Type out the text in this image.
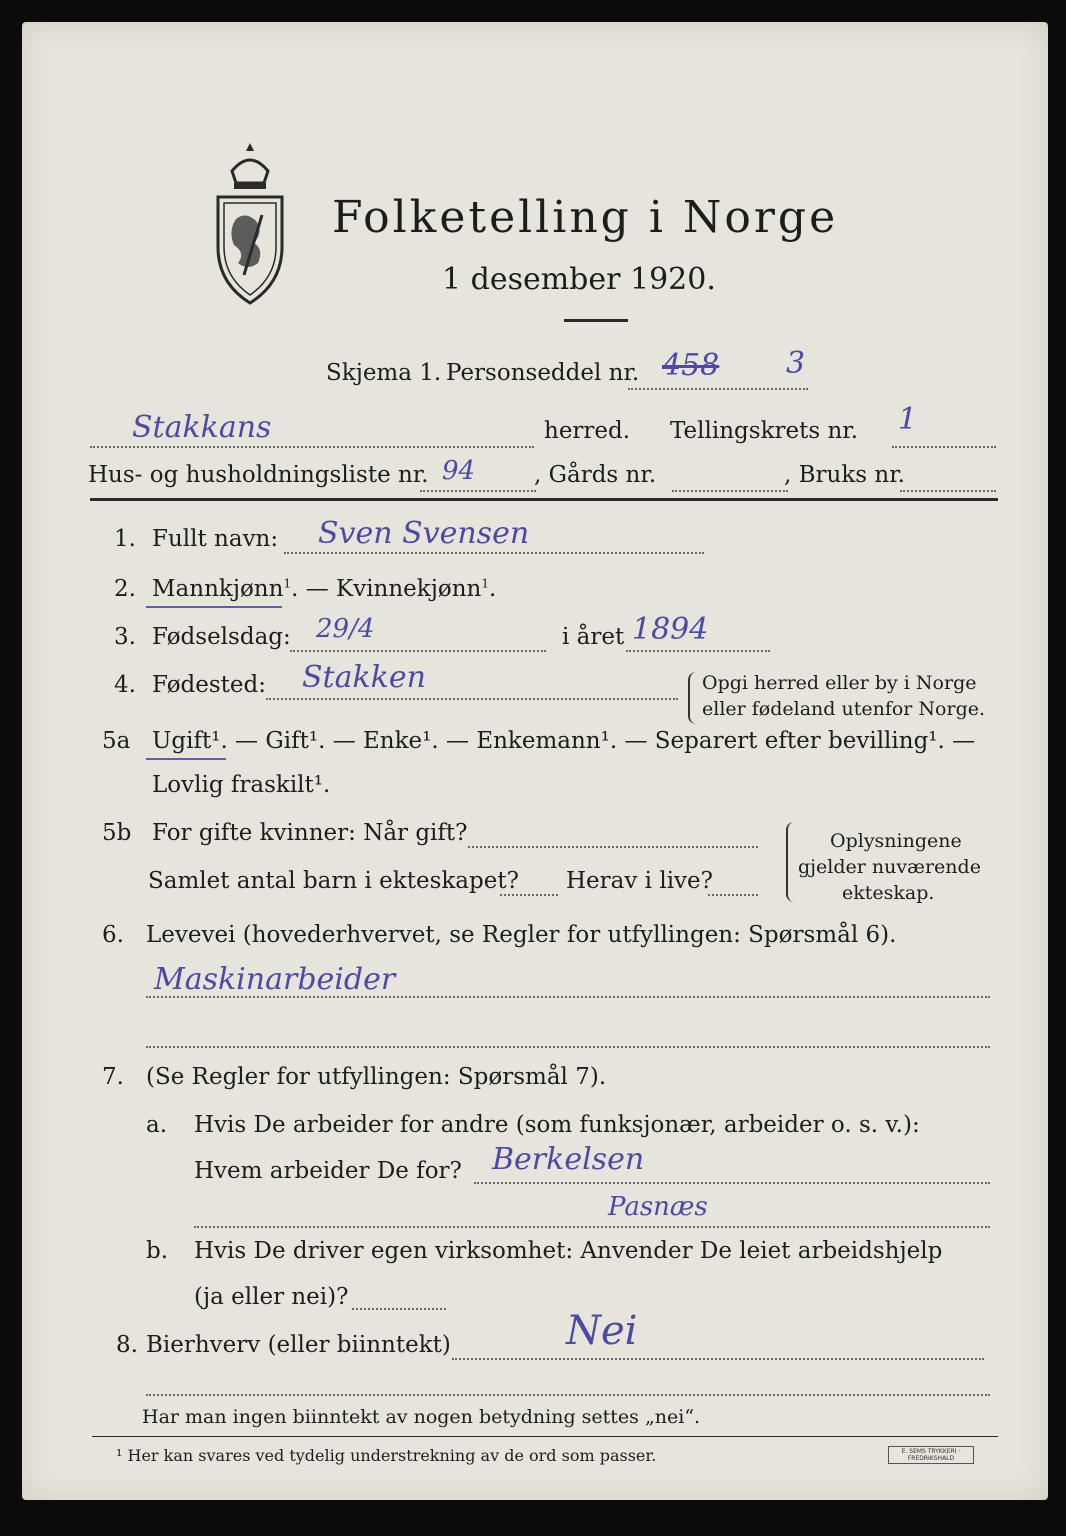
Folketelling i Norge
1 desember 1920.
Skjema 1. Personseddel nr. 458 3
Stakkans	herred. Tellingskrets nr. 1
Hus- og husholdningsliste nr. 94	, Gårds nr.	, Bruks nr.
1. Fullt navn: Sven Svensen
2. Mannkjønn$^1$. — Kvinnekjønn$^1$.
3. Fødselsdag: 29/4	i året 1894
4. Fødested: Stakken	Opgi herred eller by i Norge
eller fødeland utenfor Norge.
5a Ugift¹. — Gift¹. — Enke¹. — Enkemann¹. — Separert efter bevilling¹. —
Lovlig fraskilt¹.
5b For gifte kvinner: Når gift?
Samlet antal barn i ekteskapet? Herav i live?
Oplysningene
gjelder nuværende
ekteskap.
6. Levevei (hovederhvervet, se Regler for utfyllingen: Spørsmål 6).
Maskinarbeider
7. (Se Regler for utfyllingen: Spørsmål 7).
a. Hvis De arbeider for andre (som funksjonær, arbeider o. s. v.):
Hvem arbeider De for? Berkelsen
Pasnæs
b. Hvis De driver egen virksomhet: Anvender De leiet arbeidshjelp
(ja eller nei)?
8. Bierhverv (eller biinntekt)	Nei
Har man ingen biinntekt av nogen betydning settes „nei“.
¹ Her kan svares ved tydelig understrekning av de ord som passer.	E. SEMS TRYKKERI · FREDRIKSHALD
